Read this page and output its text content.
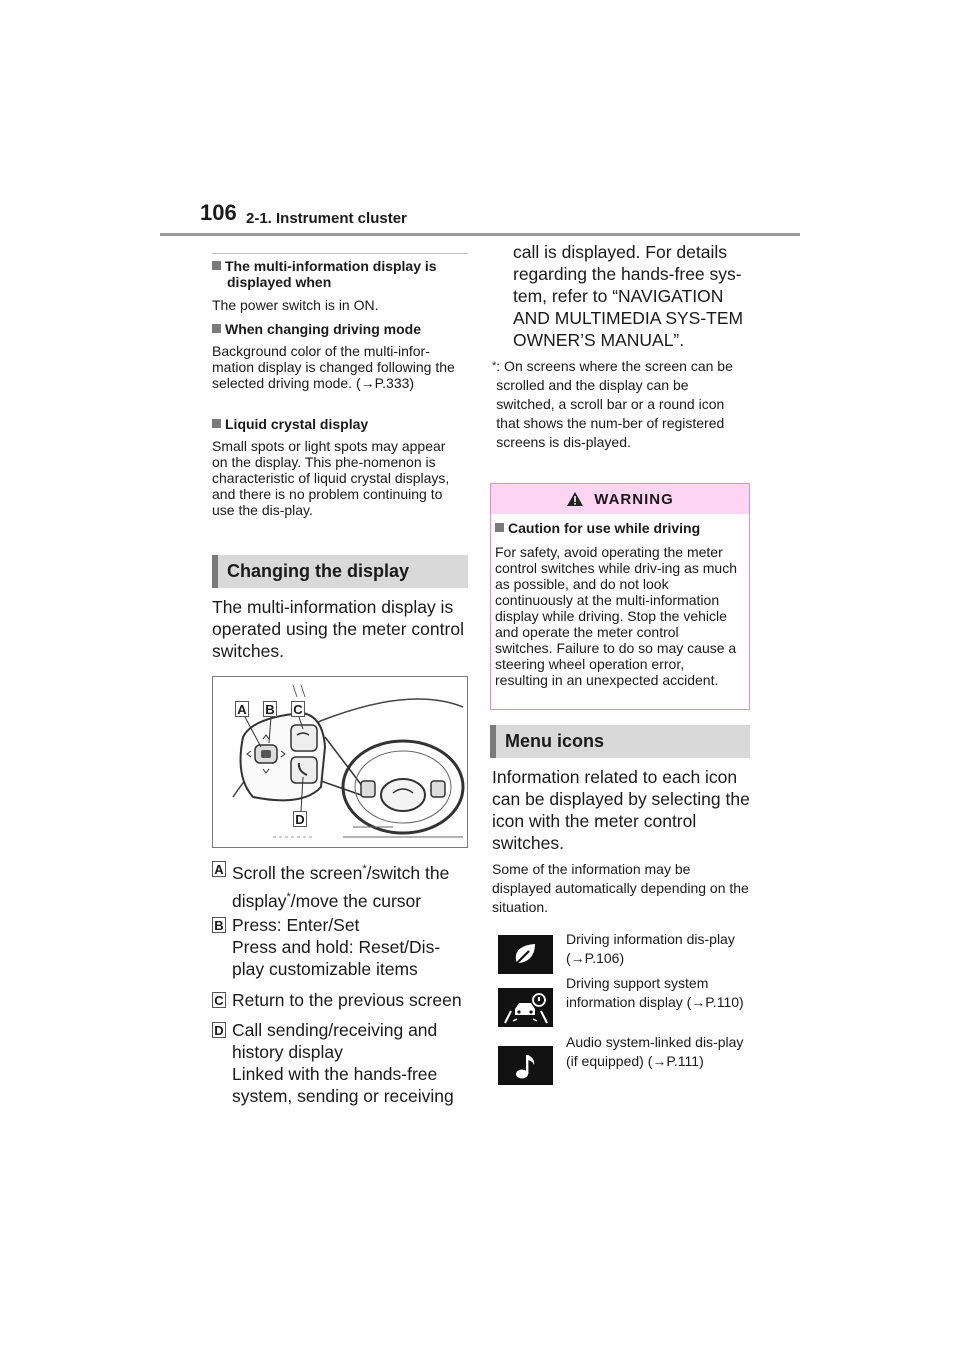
106 2-1. Instrument cluster
The multi-information display is displayed when
The power switch is in ON.
When changing driving mode
Background color of the multi-infor-mation display is changed following the selected driving mode. (→P.333)
Liquid crystal display
Small spots or light spots may appear on the display. This phe-nomenon is characteristic of liquid crystal displays, and there is no problem continuing to use the dis-play.
Changing the display
The multi-information display is operated using the meter control switches.
A B C
D
A Scroll the screen*/switch the display*/move the cursor
B Press: Enter/Set
Press and hold: Reset/Dis-play customizable items
C Return to the previous screen
D Call sending/receiving and history display
Linked with the hands-free system, sending or receiving
call is displayed. For details regarding the hands-free sys-tem, refer to “NAVIGATION AND MULTIMEDIA SYS-TEM OWNER’S MANUAL”.
* : On screens where the screen can be scrolled and the display can be switched, a scroll bar or a round icon that shows the num-ber of registered screens is dis-played.
WARNING
Caution for use while driving
For safety, avoid operating the meter control switches while driv-ing as much as possible, and do not look continuously at the multi-information display while driving. Stop the vehicle and operate the meter control switches. Failure to do so may cause a steering wheel operation error, resulting in an unexpected accident.
Menu icons
Information related to each icon can be displayed by selecting the icon with the meter control switches.
Some of the information may be displayed automatically depending on the situation.
Driving information dis-play (→P.106)
Driving support system information display (→P.110)
Audio system-linked dis-play (if equipped) (→P.111)
